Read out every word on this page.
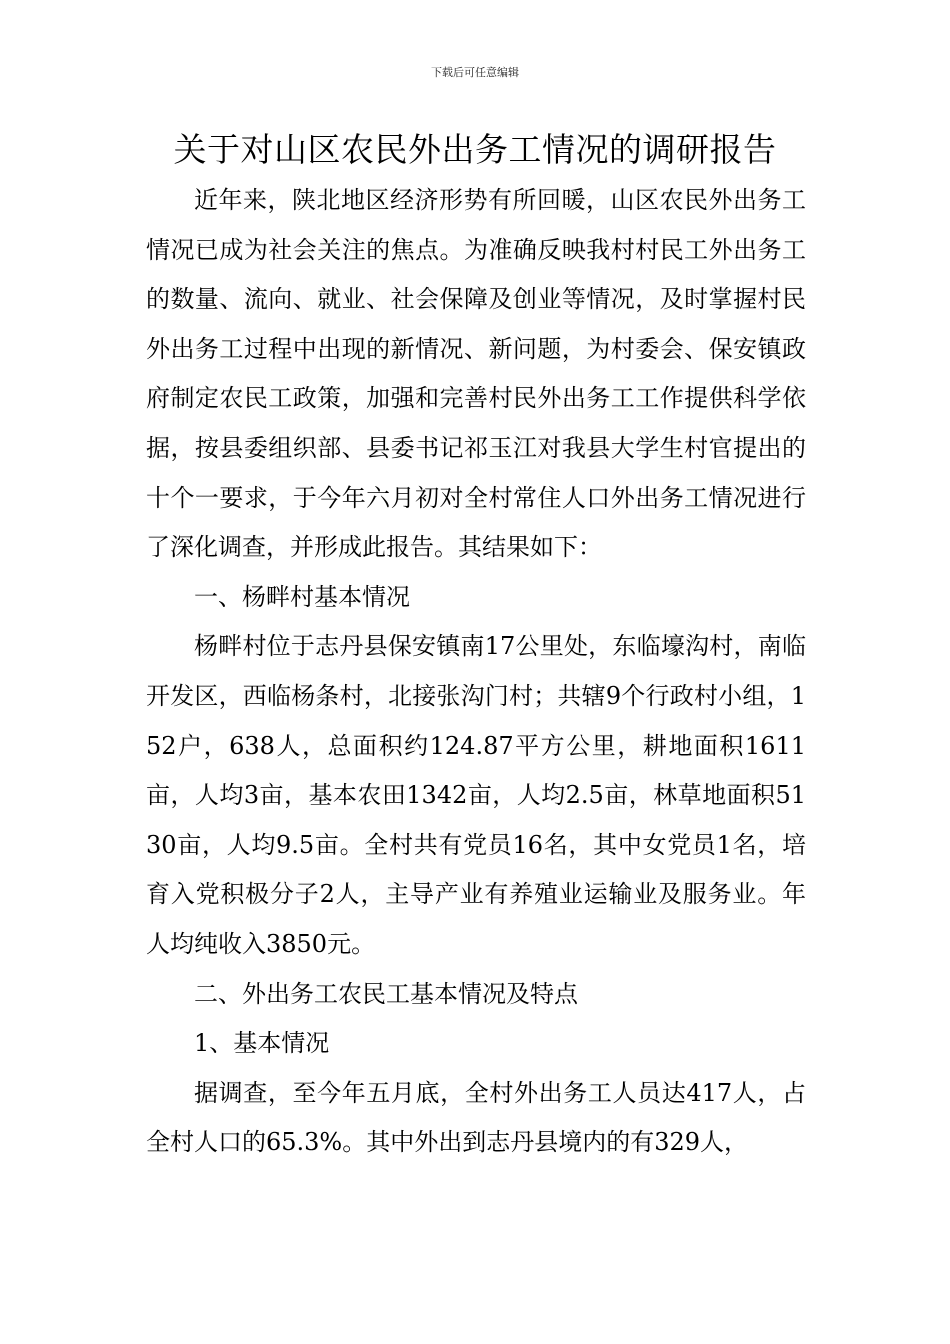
下载后可任意编辑
关于对山区农民外出务工情况的调研报告

近年来，陕北地区经济形势有所回暖，山区农民外出务工情况已成为社会关注的焦点。为准确反映我村村民工外出务工的数量、流向、就业、社会保障及创业等情况，及时掌握村民外出务工过程中出现的新情况、新问题，为村委会、保安镇政府制定农民工政策，加强和完善村民外出务工工作提供科学依据，按县委组织部、县委书记祁玉江对我县大学生村官提出的十个一要求，于今年六月初对全村常住人口外出务工情况进行了深化调查，并形成此报告。其结果如下：

一、杨畔村基本情况

杨畔村位于志丹县保安镇南17公里处，东临壕沟村，南临开发区，西临杨条村，北接张沟门村；共辖9个行政村小组，152户，638人，总面积约124.87平方公里，耕地面积1611亩，人均3亩，基本农田1342亩，人均2.5亩，林草地面积5130亩，人均9.5亩。全村共有党员16名，其中女党员1名，培育入党积极分子2人，主导产业有养殖业运输业及服务业。年人均纯收入3850元。

二、外出务工农民工基本情况及特点

1、基本情况

据调查，至今年五月底，全村外出务工人员达417人，占全村人口的65.3%。其中外出到志丹县境内的有329人，
